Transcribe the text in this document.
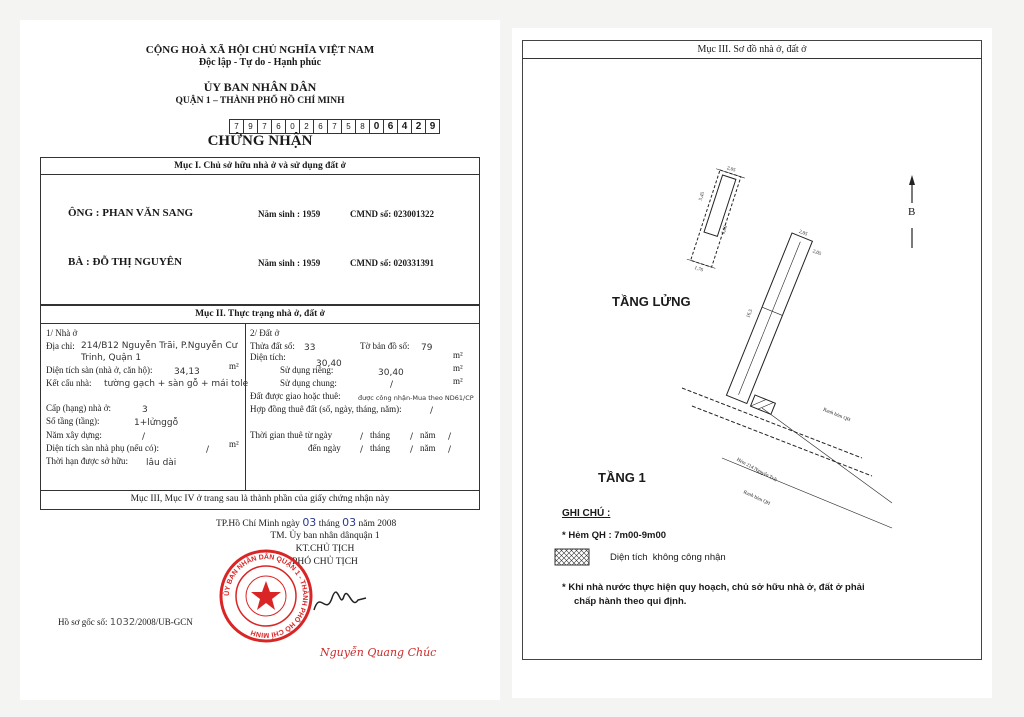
CỘNG HOÀ XÃ HỘI CHỦ NGHĨA VIỆT NAM
Độc lập - Tự do - Hạnh phúc
ỦY BAN NHÂN DÂN
QUẬN 1 – THÀNH PHỐ HỒ CHÍ MINH
7 9 7 6 0 2 6 7 5 8 0 6 4 2 9
CHỨNG NHẬN
Mục I. Chủ sở hữu nhà ở và sử dụng đất ở
ÔNG : PHAN VĂN SANG	Năm sinh : 1959	CMND số: 023001322
BÀ : ĐỖ THỊ NGUYÊN	Năm sinh : 1959	CMND số: 020331391
Mục II. Thực trạng nhà ở, đất ở
1/ Nhà ở
Địa chỉ: 214/B12 Nguyễn Trãi, P.Nguyễn Cư
Trinh, Quận 1
Diện tích sàn (nhà ở, căn hộ): 34,13
m²
Kết cấu nhà: tường gạch + sàn gỗ + mái tole
Cấp (hạng) nhà ở:	3
Số tầng (tầng):	1+lửnggỗ
Năm xây dựng:	/
Diện tích sàn nhà phụ (nếu có):	/
m²
Thời hạn được sở hữu: lâu dài
2/ Đất ở
Thửa đất số: 33	Tờ bản đồ số: 79
Diện tích:
30,40
m²
Sử dụng riêng:	30,40	m²
Sử dụng chung:	/	m²
Đất được giao hoặc thuê:	được công nhận-Mua theo ND61/CP
Hợp đồng thuê đất (số, ngày, tháng, năm):	/
Thời gian thuê từ ngày	tháng	năm
/	/	/
đến ngày	tháng	năm
/	/	/
Mục III, Mục IV ở trang sau là thành phần của giấy chứng nhận này
TP.Hồ Chí Minh ngày 03 tháng 03 năm 2008
TM. Ủy ban nhân dânquận 1
KT.CHỦ TỊCH
PHÓ CHỦ TỊCH
ỦY BAN NHÂN DÂN QUẬN 1 - THÀNH PHỐ HỒ CHÍ MINH
Nguyễn Quang Chúc
Hồ sơ gốc số: 1032/2008/UB-GCN
Mục III. Sơ đồ nhà ở, đất ở
B
2,05
5,45
6,00
1,76
2,05
16,5
2,05
Ranh hẻm QH
Hẻm 214 Nguyễn Trãi
Ranh hẻm QH
TẦNG LỬNG
TẦNG 1
GHI CHÚ :
* Hẻm QH : 7m00-9m00
Diện tích không công nhận
* Khi nhà nước thực hiện quy hoạch, chủ sở hữu nhà ở, đất ở phải
chấp hành theo qui định.
